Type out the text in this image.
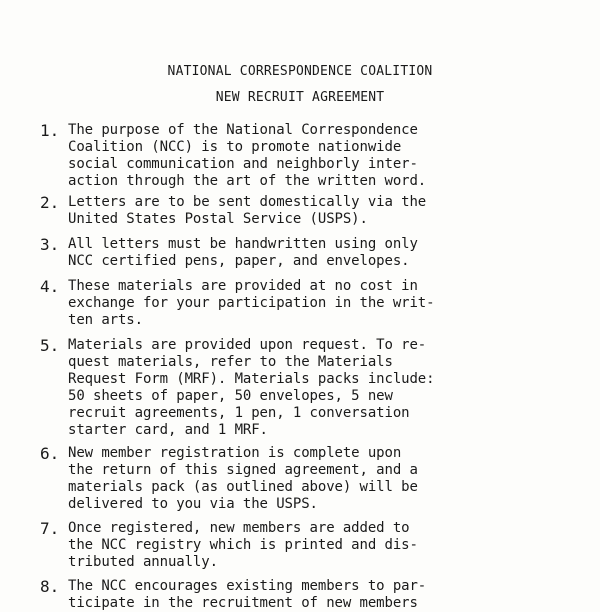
NATIONAL CORRESPONDENCE COALITION
NEW RECRUIT AGREEMENT
1. The purpose of the National Correspondence
Coalition (NCC) is to promote nationwide
social communication and neighborly inter-
action through the art of the written word.
2. Letters are to be sent domestically via the
United States Postal Service (USPS).
3. All letters must be handwritten using only
NCC certified pens, paper, and envelopes.
4. These materials are provided at no cost in
exchange for your participation in the writ-
ten arts.
5. Materials are provided upon request. To re-
quest materials, refer to the Materials
Request Form (MRF). Materials packs include:
50 sheets of paper, 50 envelopes, 5 new
recruit agreements, 1 pen, 1 conversation
starter card, and 1 MRF.
6. New member registration is complete upon
the return of this signed agreement, and a
materials pack (as outlined above) will be
delivered to you via the USPS.
7. Once registered, new members are added to
the NCC registry which is printed and dis-
tributed annually.
8. The NCC encourages existing members to par-
ticipate in the recruitment of new members
